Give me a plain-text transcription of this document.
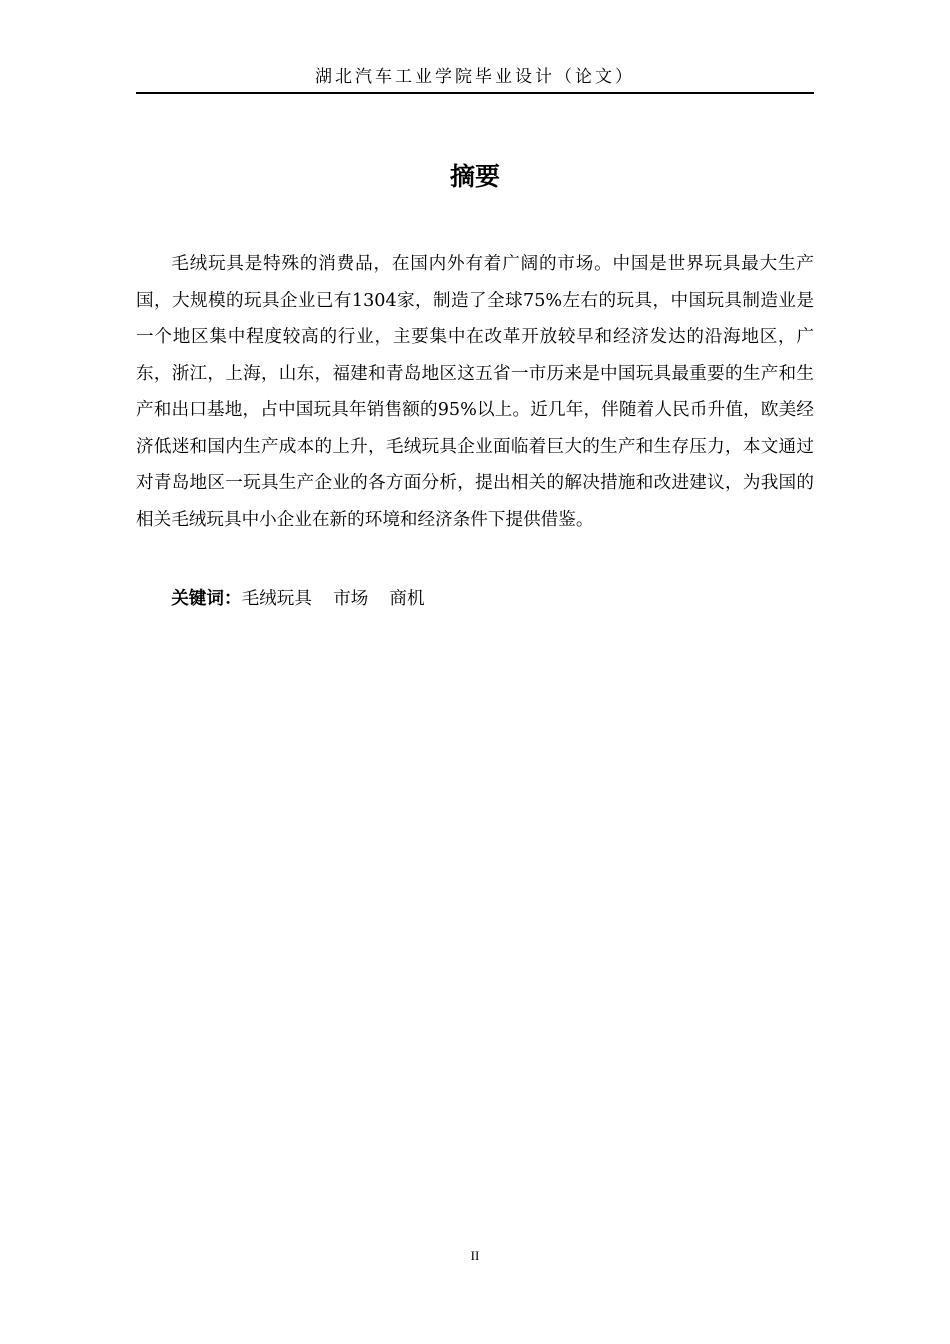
湖北汽车工业学院毕业设计（论文）
摘要

毛绒玩具是特殊的消费品，在国内外有着广阔的市场。中国是世界玩具最大生产国，大规模的玩具企业已有1304家，制造了全球75%左右的玩具，中国玩具制造业是一个地区集中程度较高的行业，主要集中在改革开放较早和经济发达的沿海地区，广东，浙江，上海，山东，福建和青岛地区这五省一市历来是中国玩具最重要的生产和生产和出口基地，占中国玩具年销售额的95%以上。近几年，伴随着人民币升值，欧美经济低迷和国内生产成本的上升，毛绒玩具企业面临着巨大的生产和生存压力，本文通过对青岛地区一玩具生产企业的各方面分析，提出相关的解决措施和改进建议，为我国的相关毛绒玩具中小企业在新的环境和经济条件下提供借鉴。

关键词：毛绒玩具 市场 商机

II
